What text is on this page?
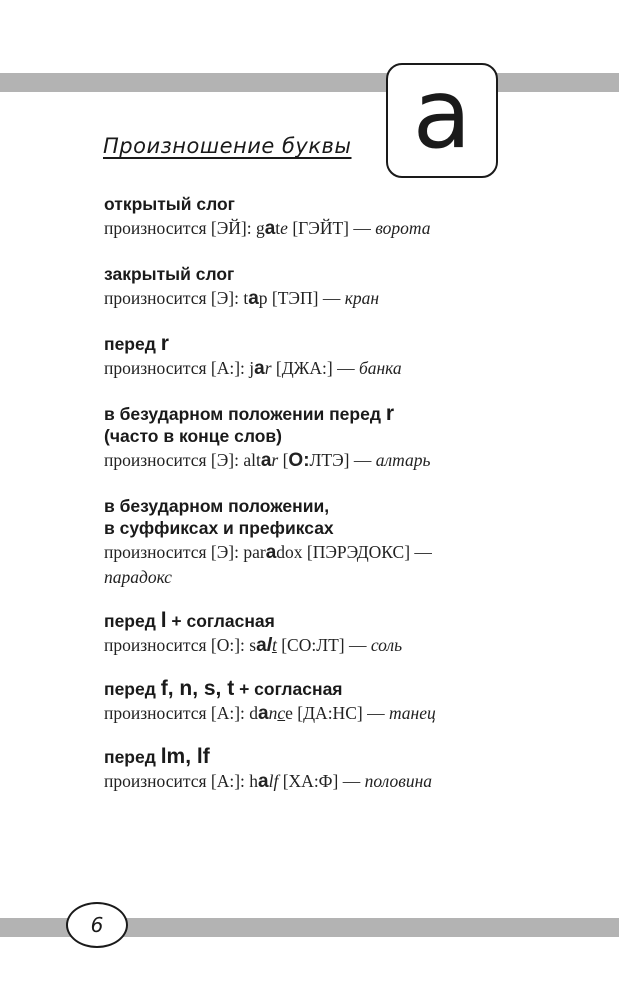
a
Произношение буквы

открытый слог

произносится [ЭЙ]: gate [ГЭЙТ] — ворота

закрытый слог

произносится [Э]: tap [ТЭП] — кран

перед r

произносится [А:]: jar [ДЖА:] — банка

в безударном положении перед r

(часто в конце слов)

произносится [Э]: altar [О:ЛТЭ] — алтарь

в безударном положении,

в суффиксах и префиксах

произносится [Э]: paradox [ПЭРЭДОКС] —
парадокс

перед l + согласная

произносится [О:]: salt [СО:ЛТ] — соль

перед f, n, s, t + согласная

произносится [А:]: dance [ДА:НС] — танец

перед lm, lf

произносится [А:]: half [ХА:Ф] — половина

6
